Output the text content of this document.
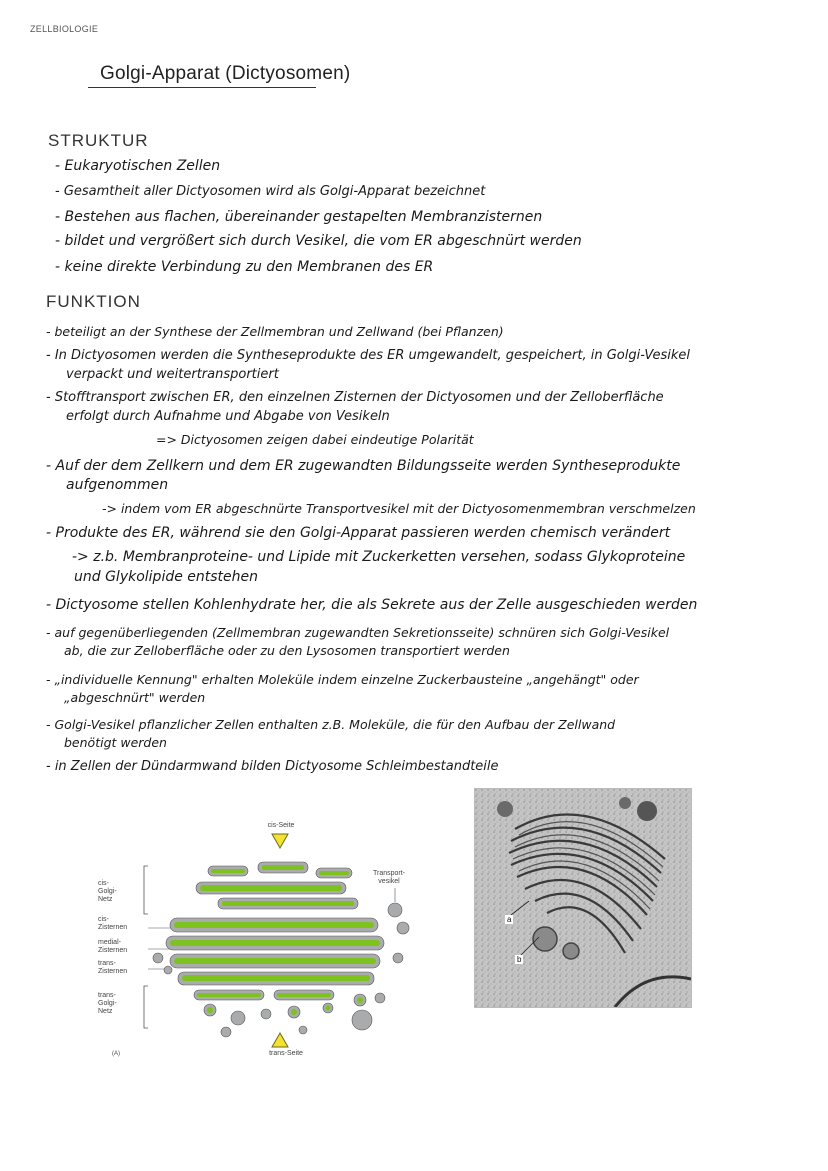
ZELLBIOLOGIE
Golgi-Apparat (Dictyosomen)
STRUKTUR
- Eukaryotischen Zellen
- Gesamtheit aller Dictyosomen wird als Golgi-Apparat bezeichnet
- Bestehen aus flachen, übereinander gestapelten Membranzisternen
- bildet und vergrößert sich durch Vesikel, die vom ER abgeschnürt werden
- keine direkte Verbindung zu den Membranen des ER
FUNKTION
- beteiligt an der Synthese der Zellmembran und Zellwand (bei Pflanzen)
- In Dictyosomen werden die Syntheseprodukte des ER umgewandelt, gespeichert, in Golgi-Vesikel
verpackt und weitertransportiert
- Stofftransport zwischen ER, den einzelnen Zisternen der Dictyosomen und der Zelloberfläche
erfolgt durch Aufnahme und Abgabe von Vesikeln
=> Dictyosomen zeigen dabei eindeutige Polarität
- Auf der dem Zellkern und dem ER zugewandten Bildungsseite werden Syntheseprodukte
aufgenommen
-> indem vom ER abgeschnürte Transportvesikel mit der Dictyosomenmembran verschmelzen
- Produkte des ER, während sie den Golgi-Apparat passieren werden chemisch verändert
-> z.b. Membranproteine- und Lipide mit Zuckerketten versehen, sodass Glykoproteine
und Glykolipide entstehen
- Dictyosome stellen Kohlenhydrate her, die als Sekrete aus der Zelle ausgeschieden werden
- auf gegenüberliegenden (Zellmembran zugewandten Sekretionsseite) schnüren sich Golgi-Vesikel
ab, die zur Zelloberfläche oder zu den Lysosomen transportiert werden
- „individuelle Kennung" erhalten Moleküle indem einzelne Zuckerbausteine „angehängt" oder
„abgeschnürt" werden
- Golgi-Vesikel pflanzlicher Zellen enthalten z.B. Moleküle, die für den Aufbau der Zellwand
benötigt werden
- in Zellen der Dündarmwand bilden Dictyosome Schleimbestandteile
cis-Seite
trans-Seite
Transport-
vesikel
cis-
Golgi-
Netz
cis-
Zisternen
medial-
Zisternen
trans-
Zisternen
trans-
Golgi-
Netz
(A)
a
b
